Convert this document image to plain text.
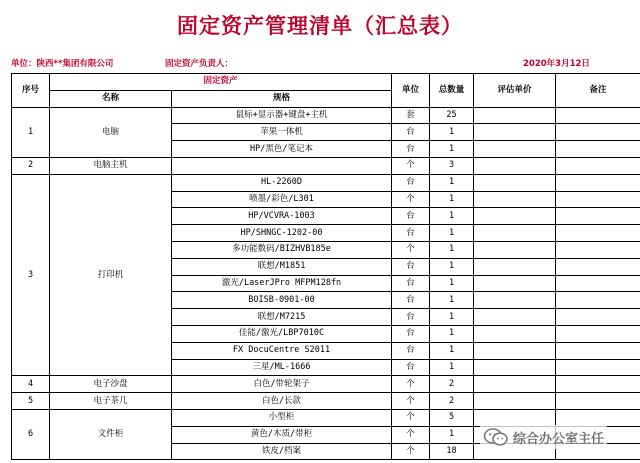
固定资产管理清单（汇总表）
单位：陕西**集团有限公司	固定资产负责人：	2020年3月12日
序号	固定资产		单位	总数量	评估单价	备注
	名称	规格				
1	电脑	鼠标+显示器+键盘+主机	套	25		
		苹果一体机	台	1		
		HP/黑色/笔记本	台	1		
2	电脑主机		个	3		
3	打印机	HL-2260D	台	1		
		喷墨/彩色/L301	个	1		
		HP/VCVRA-1003	台	1		
		HP/SHNGC-1202-00	台	1		
		多功能数码/BIZHVB185e	个	1		
		联想/M1851	台	1		
		激光/LaserJPro MFPM128fn	台	1		
		BOISB-0901-00	台	1		
		联想/M7215	台	1		
		佳能/激光/LBP7010C	台	1		
		FX DocuCentre S2011	台	1		
		三星/ML-1666	台	1		
4	电子沙盘	白色/带轮架子	个	2		
5	电子茶几	白色/长款	个	2		
6	文件柜	小型柜	个	5		
		黄色/木质/带柜	个	1		
		铁皮/档案	个	18		
综合办公室主任
